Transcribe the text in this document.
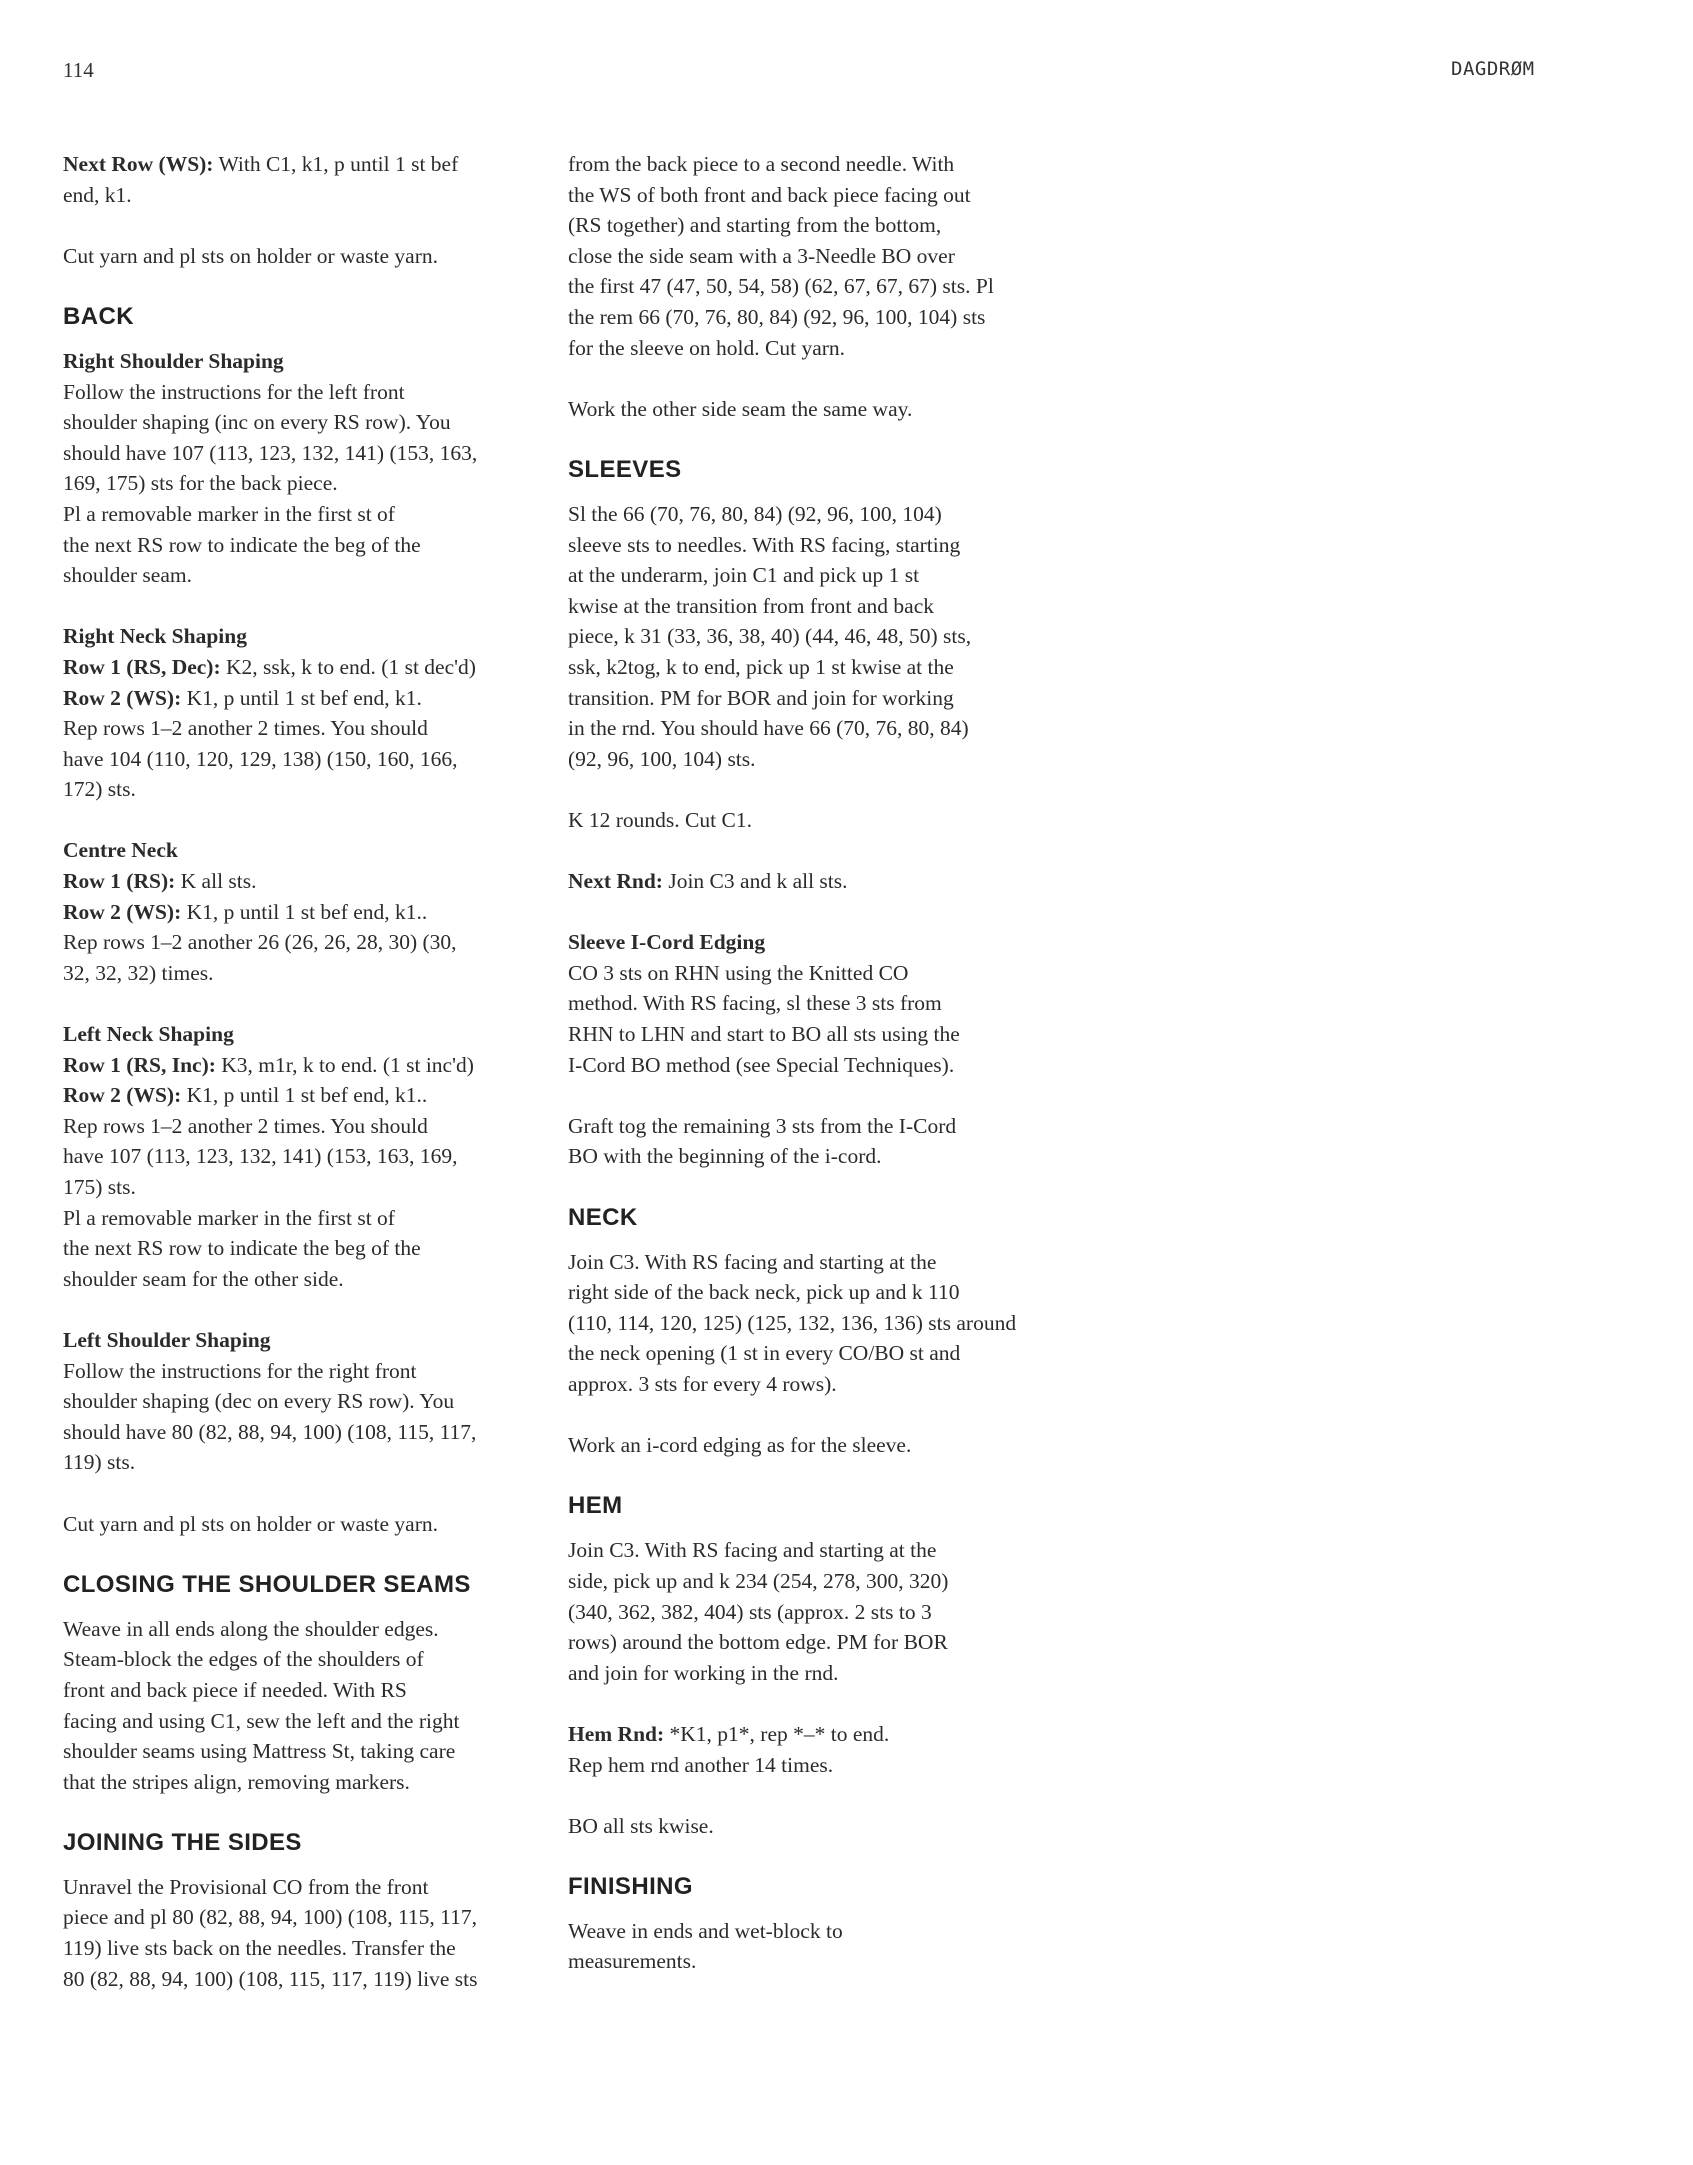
114	DAGDRØM
Next Row (WS): With C1, k1, p until 1 st bef
end, k1.
Cut yarn and pl sts on holder or waste yarn.
BACK
Right Shoulder Shaping
Follow the instructions for the left front
shoulder shaping (inc on every RS row). You
should have 107 (113, 123, 132, 141) (153, 163,
169, 175) sts for the back piece.
Pl a removable marker in the first st of
the next RS row to indicate the beg of the
shoulder seam.
Right Neck Shaping
Row 1 (RS, Dec): K2, ssk, k to end. (1 st dec'd)
Row 2 (WS): K1, p until 1 st bef end, k1.
Rep rows 1–2 another 2 times. You should
have 104 (110, 120, 129, 138) (150, 160, 166,
172) sts.
Centre Neck
Row 1 (RS): K all sts.
Row 2 (WS): K1, p until 1 st bef end, k1..
Rep rows 1–2 another 26 (26, 26, 28, 30) (30,
32, 32, 32) times.
Left Neck Shaping
Row 1 (RS, Inc): K3, m1r, k to end. (1 st inc'd)
Row 2 (WS): K1, p until 1 st bef end, k1..
Rep rows 1–2 another 2 times. You should
have 107 (113, 123, 132, 141) (153, 163, 169,
175) sts.
Pl a removable marker in the first st of
the next RS row to indicate the beg of the
shoulder seam for the other side.
Left Shoulder Shaping
Follow the instructions for the right front
shoulder shaping (dec on every RS row). You
should have 80 (82, 88, 94, 100) (108, 115, 117,
119) sts.
Cut yarn and pl sts on holder or waste yarn.
CLOSING THE SHOULDER SEAMS
Weave in all ends along the shoulder edges.
Steam-block the edges of the shoulders of
front and back piece if needed. With RS
facing and using C1, sew the left and the right
shoulder seams using Mattress St, taking care
that the stripes align, removing markers.
JOINING THE SIDES
Unravel the Provisional CO from the front
piece and pl 80 (82, 88, 94, 100) (108, 115, 117,
119) live sts back on the needles. Transfer the
80 (82, 88, 94, 100) (108, 115, 117, 119) live sts
from the back piece to a second needle. With
the WS of both front and back piece facing out
(RS together) and starting from the bottom,
close the side seam with a 3-Needle BO over
the first 47 (47, 50, 54, 58) (62, 67, 67, 67) sts. Pl
the rem 66 (70, 76, 80, 84) (92, 96, 100, 104) sts
for the sleeve on hold. Cut yarn.
Work the other side seam the same way.
SLEEVES
Sl the 66 (70, 76, 80, 84) (92, 96, 100, 104)
sleeve sts to needles. With RS facing, starting
at the underarm, join C1 and pick up 1 st
kwise at the transition from front and back
piece, k 31 (33, 36, 38, 40) (44, 46, 48, 50) sts,
ssk, k2tog, k to end, pick up 1 st kwise at the
transition. PM for BOR and join for working
in the rnd. You should have 66 (70, 76, 80, 84)
(92, 96, 100, 104) sts.
K 12 rounds. Cut C1.
Next Rnd: Join C3 and k all sts.
Sleeve I-Cord Edging
CO 3 sts on RHN using the Knitted CO
method. With RS facing, sl these 3 sts from
RHN to LHN and start to BO all sts using the
I-Cord BO method (see Special Techniques).
Graft tog the remaining 3 sts from the I-Cord
BO with the beginning of the i-cord.
NECK
Join C3. With RS facing and starting at the
right side of the back neck, pick up and k 110
(110, 114, 120, 125) (125, 132, 136, 136) sts around
the neck opening (1 st in every CO/BO st and
approx. 3 sts for every 4 rows).
Work an i-cord edging as for the sleeve.
HEM
Join C3. With RS facing and starting at the
side, pick up and k 234 (254, 278, 300, 320)
(340, 362, 382, 404) sts (approx. 2 sts to 3
rows) around the bottom edge. PM for BOR
and join for working in the rnd.
Hem Rnd: *K1, p1*, rep *–* to end.
Rep hem rnd another 14 times.
BO all sts kwise.
FINISHING
Weave in ends and wet-block to
measurements.
